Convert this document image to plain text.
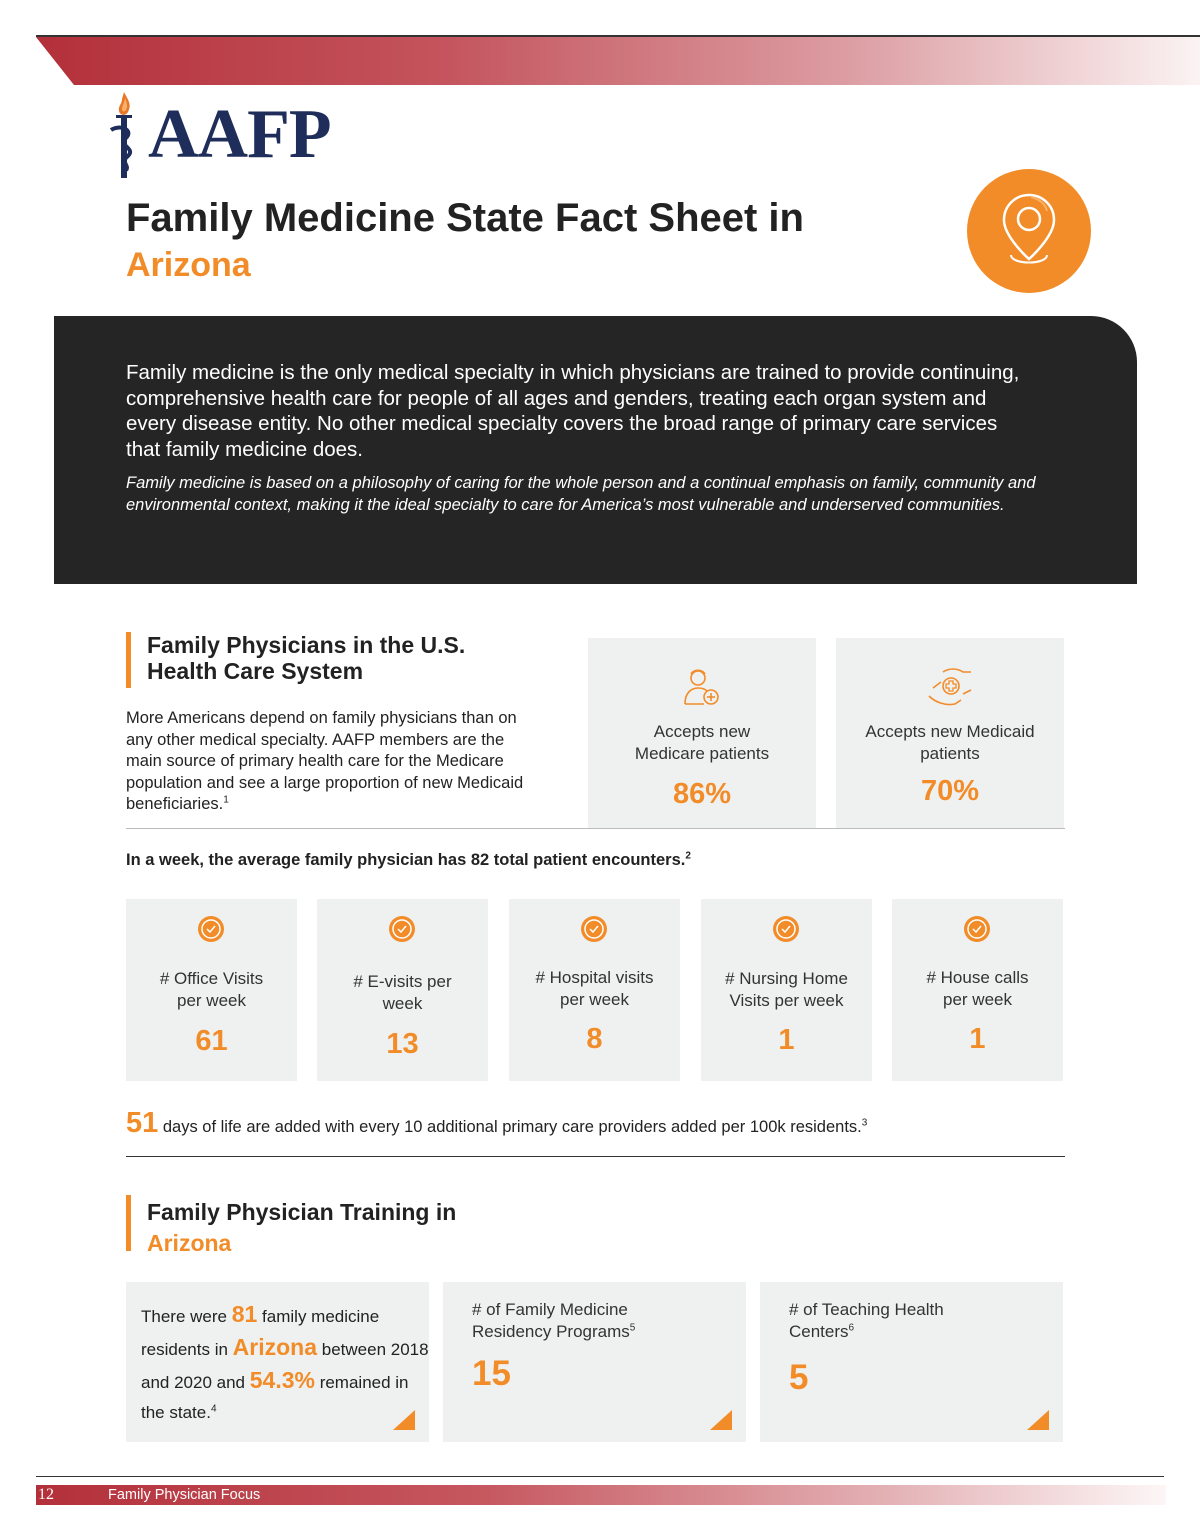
AAFP
Family Medicine State Fact Sheet in
Arizona

Family medicine is the only medical specialty in which physicians are trained to provide continuing, comprehensive health care for people of all ages and genders, treating each organ system and every disease entity. No other medical specialty covers the broad range of primary care services that family medicine does.

Family medicine is based on a philosophy of caring for the whole person and a continual emphasis on family, community and environmental context, making it the ideal specialty to care for America’s most vulnerable and underserved communities.

Family Physicians in the U.S.
Health Care System

More Americans depend on family physicians than on any other medical specialty. AAFP members are the main source of primary health care for the Medicare population and see a large proportion of new Medicaid beneficiaries.$^1$

Accepts new Medicare patients
86%
Accepts new Medicaid patients
70%
In a week, the average family physician has 82 total patient encounters.$^2$
# Office Visits per week
61
# E-visits per week
13
# Hospital visits per week
8
# Nursing Home Visits per week
1
# House calls per week
1
51 days of life are added with every 10 additional primary care providers added per 100k residents.$^3$
Family Physician Training in
Arizona
There were 81 family medicine residents in Arizona between 2018 and 2020 and 54.3% remained in the state.$^4$
# of Family Medicine Residency Programs$^5$
15
# of Teaching Health Centers$^6$
5
12	Family Physician Focus
